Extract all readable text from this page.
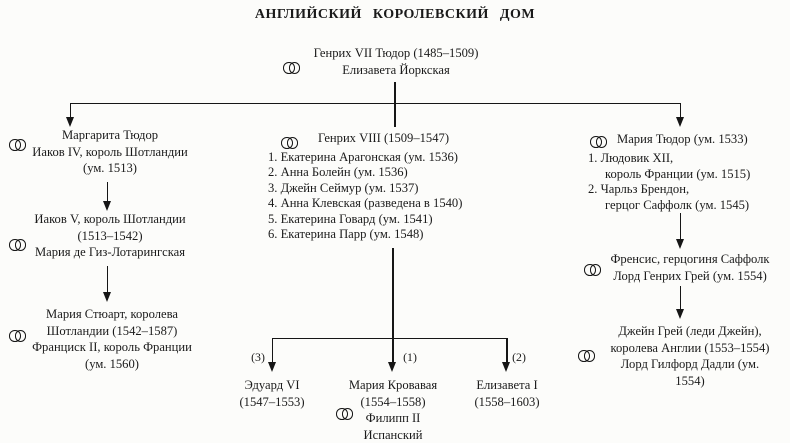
АНГЛИЙСКИЙ КОРОЛЕВСКИЙ ДОМ
Генрих VII Тюдор (1485–1509)
Елизавета Йоркская
Маргарита Тюдор
Иаков IV, король Шотландии
(ум. 1513)
Иаков V, король Шотландии
(1513–1542)
Мария де Гиз-Лотарингская
Мария Стюарт, королева
Шотландии (1542–1587)
Франциск II, король Франции
(ум. 1560)
Генрих VIII (1509–1547)
1. Екатерина Арагонская (ум. 1536)
2. Анна Болейн (ум. 1536)
3. Джейн Сеймур (ум. 1537)
4. Анна Клевская (разведена в 1540)
5. Екатерина Говард (ум. 1541)
6. Екатерина Парр (ум. 1548)
(3)	(1)	(2)
Эдуард VI
(1547–1553)
Мария Кровавая
(1554–1558)
Филипп II
Испанский
Елизавета I
(1558–1603)
Мария Тюдор (ум. 1533)
1. Людовик XII,
король Франции (ум. 1515)
2. Чарльз Брендон,
герцог Саффолк (ум. 1545)
Френсис, герцогиня Саффолк
Лорд Генрих Грей (ум. 1554)
Джейн Грей (леди Джейн),
королева Англии (1553–1554)
Лорд Гилфорд Дадли (ум.
1554)
